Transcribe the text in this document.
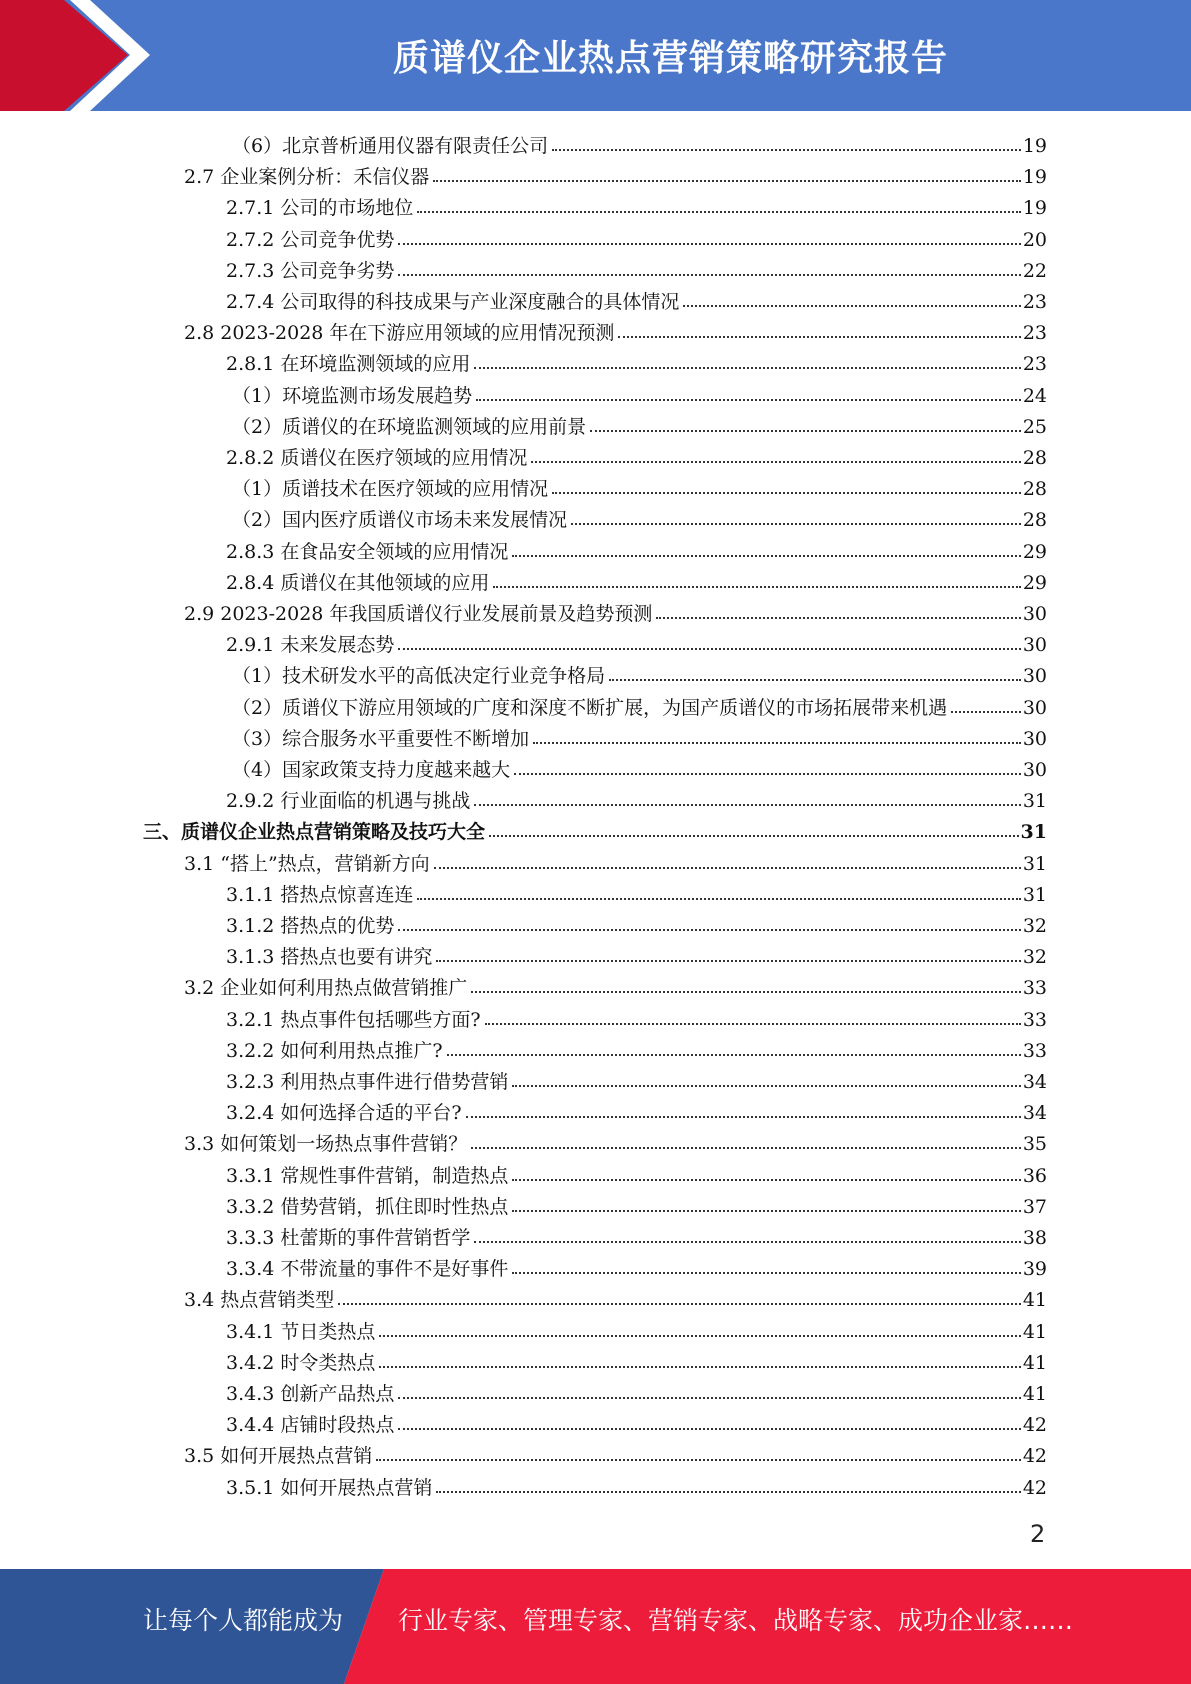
质谱仪企业热点营销策略研究报告
（6）北京普析通用仪器有限责任公司	19
2.7 企业案例分析：禾信仪器	19
2.7.1 公司的市场地位	19
2.7.2 公司竞争优势	20
2.7.3 公司竞争劣势	22
2.7.4 公司取得的科技成果与产业深度融合的具体情况	23
2.8 2023-2028 年在下游应用领域的应用情况预测	23
2.8.1 在环境监测领域的应用	23
（1）环境监测市场发展趋势	24
（2）质谱仪的在环境监测领域的应用前景	25
2.8.2 质谱仪在医疗领域的应用情况	28
（1）质谱技术在医疗领域的应用情况	28
（2）国内医疗质谱仪市场未来发展情况	28
2.8.3 在食品安全领域的应用情况	29
2.8.4 质谱仪在其他领域的应用	29
2.9 2023-2028 年我国质谱仪行业发展前景及趋势预测	30
2.9.1 未来发展态势	30
（1）技术研发水平的高低决定行业竞争格局	30
（2）质谱仪下游应用领域的广度和深度不断扩展，为国产质谱仪的市场拓展带来机遇	30
（3）综合服务水平重要性不断增加	30
（4）国家政策支持力度越来越大	30
2.9.2 行业面临的机遇与挑战	31
三、质谱仪企业热点营销策略及技巧大全	31
3.1 “搭上”热点，营销新方向	31
3.1.1 搭热点惊喜连连	31
3.1.2 搭热点的优势	32
3.1.3 搭热点也要有讲究	32
3.2 企业如何利用热点做营销推广	33
3.2.1 热点事件包括哪些方面?	33
3.2.2 如何利用热点推广?	33
3.2.3 利用热点事件进行借势营销	34
3.2.4 如何选择合适的平台?	34
3.3 如何策划一场热点事件营销？	35
3.3.1 常规性事件营销，制造热点	36
3.3.2 借势营销，抓住即时性热点	37
3.3.3 杜蕾斯的事件营销哲学	38
3.3.4 不带流量的事件不是好事件	39
3.4 热点营销类型	41
3.4.1 节日类热点	41
3.4.2 时令类热点	41
3.4.3 创新产品热点	41
3.4.4 店铺时段热点	42
3.5 如何开展热点营销	42
3.5.1 如何开展热点营销	42
2
让每个人都能成为 行业专家、管理专家、营销专家、战略专家、成功企业家……
